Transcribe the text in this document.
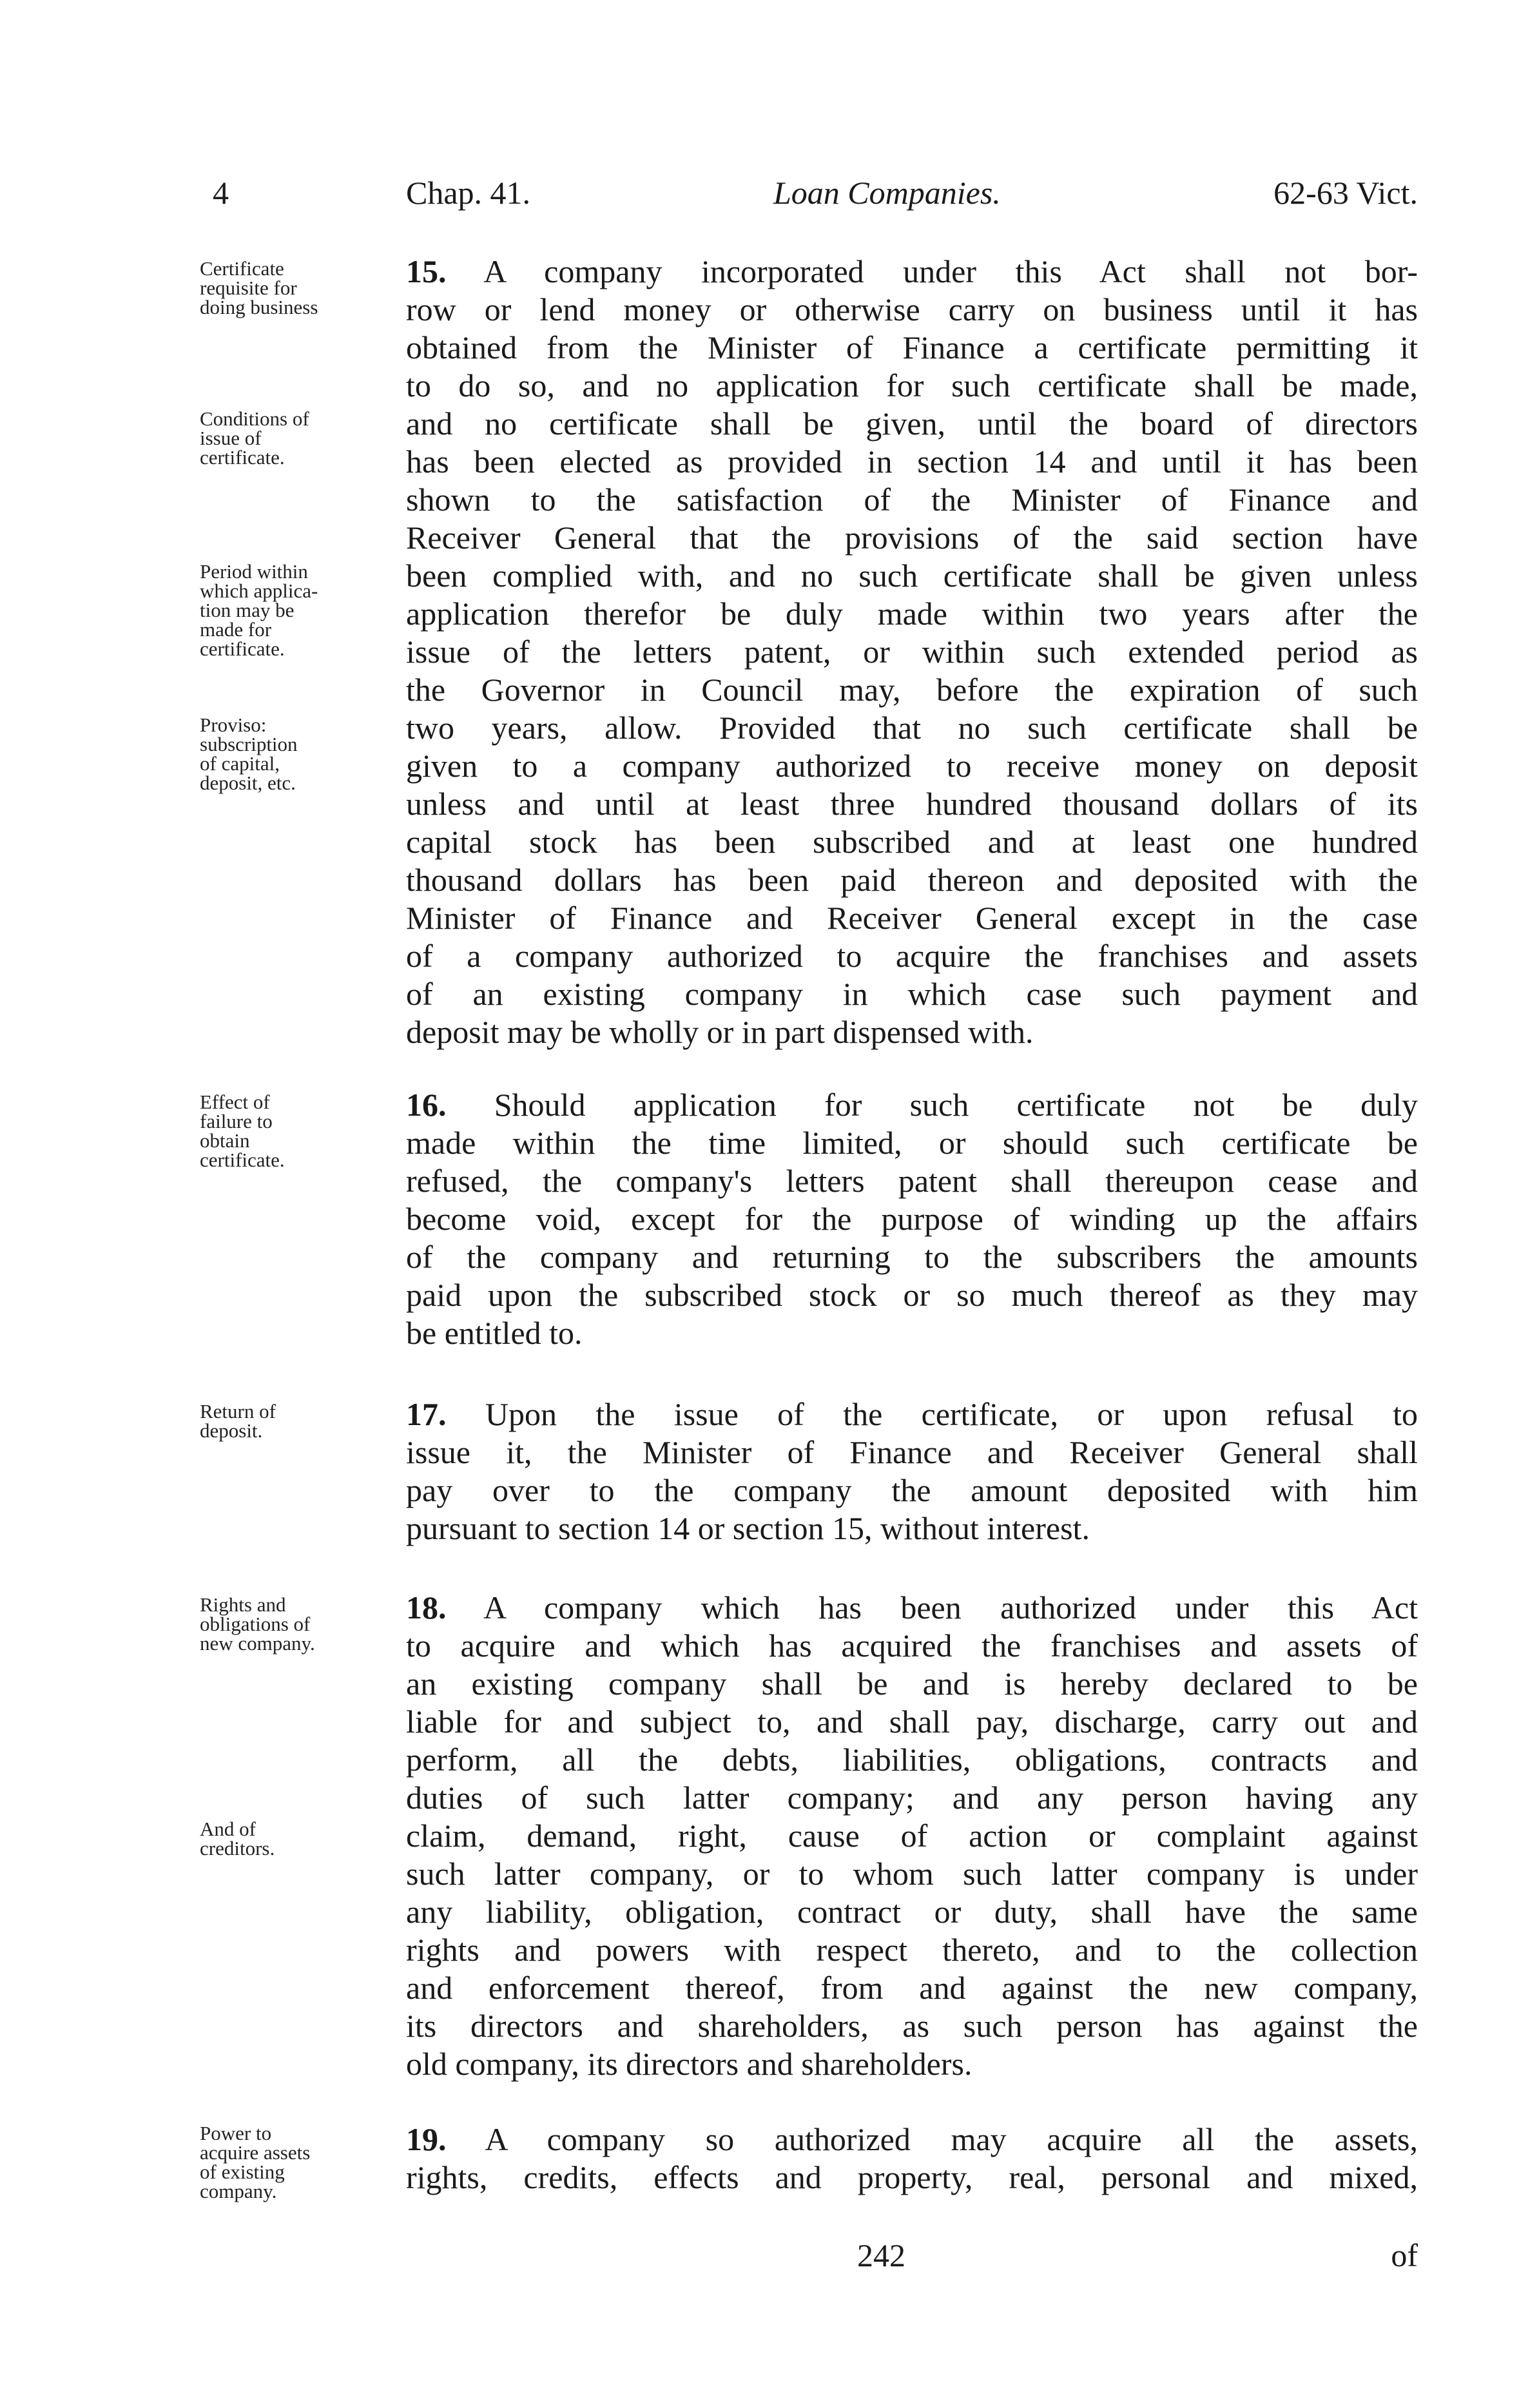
4	Chap. 41.	Loan Companies.	62-63 Vict.
Certificate
requisite for
doing business
Conditions of
issue of
certificate.
Period within
which applica-
tion may be
made for
certificate.
Proviso:
subscription
of capital,
deposit, etc.
Effect of
failure to
obtain
certificate.
Return of
deposit.
Rights and
obligations of
new company.
And of
creditors.
Power to
acquire assets
of existing
company.
15. A company incorporated under this Act shall not bor-
row or lend money or otherwise carry on business until it has
obtained from the Minister of Finance a certificate permitting it
to do so, and no application for such certificate shall be made,
and no certificate shall be given, until the board of directors
has been elected as provided in section 14 and until it has been
shown to the satisfaction of the Minister of Finance and
Receiver General that the provisions of the said section have
been complied with, and no such certificate shall be given unless
application therefor be duly made within two years after the
issue of the letters patent, or within such extended period as
the Governor in Council may, before the expiration of such
two years, allow. Provided that no such certificate shall be
given to a company authorized to receive money on deposit
unless and until at least three hundred thousand dollars of its
capital stock has been subscribed and at least one hundred
thousand dollars has been paid thereon and deposited with the
Minister of Finance and Receiver General except in the case
of a company authorized to acquire the franchises and assets
of an existing company in which case such payment and
deposit may be wholly or in part dispensed with.
16. Should application for such certificate not be duly
made within the time limited, or should such certificate be
refused, the company's letters patent shall thereupon cease and
become void, except for the purpose of winding up the affairs
of the company and returning to the subscribers the amounts
paid upon the subscribed stock or so much thereof as they may
be entitled to.
17. Upon the issue of the certificate, or upon refusal to
issue it, the Minister of Finance and Receiver General shall
pay over to the company the amount deposited with him
pursuant to section 14 or section 15, without interest.
18. A company which has been authorized under this Act
to acquire and which has acquired the franchises and assets of
an existing company shall be and is hereby declared to be
liable for and subject to, and shall pay, discharge, carry out and
perform, all the debts, liabilities, obligations, contracts and
duties of such latter company; and any person having any
claim, demand, right, cause of action or complaint against
such latter company, or to whom such latter company is under
any liability, obligation, contract or duty, shall have the same
rights and powers with respect thereto, and to the collection
and enforcement thereof, from and against the new company,
its directors and shareholders, as such person has against the
old company, its directors and shareholders.
19. A company so authorized may acquire all the assets,
rights, credits, effects and property, real, personal and mixed,
242	of
